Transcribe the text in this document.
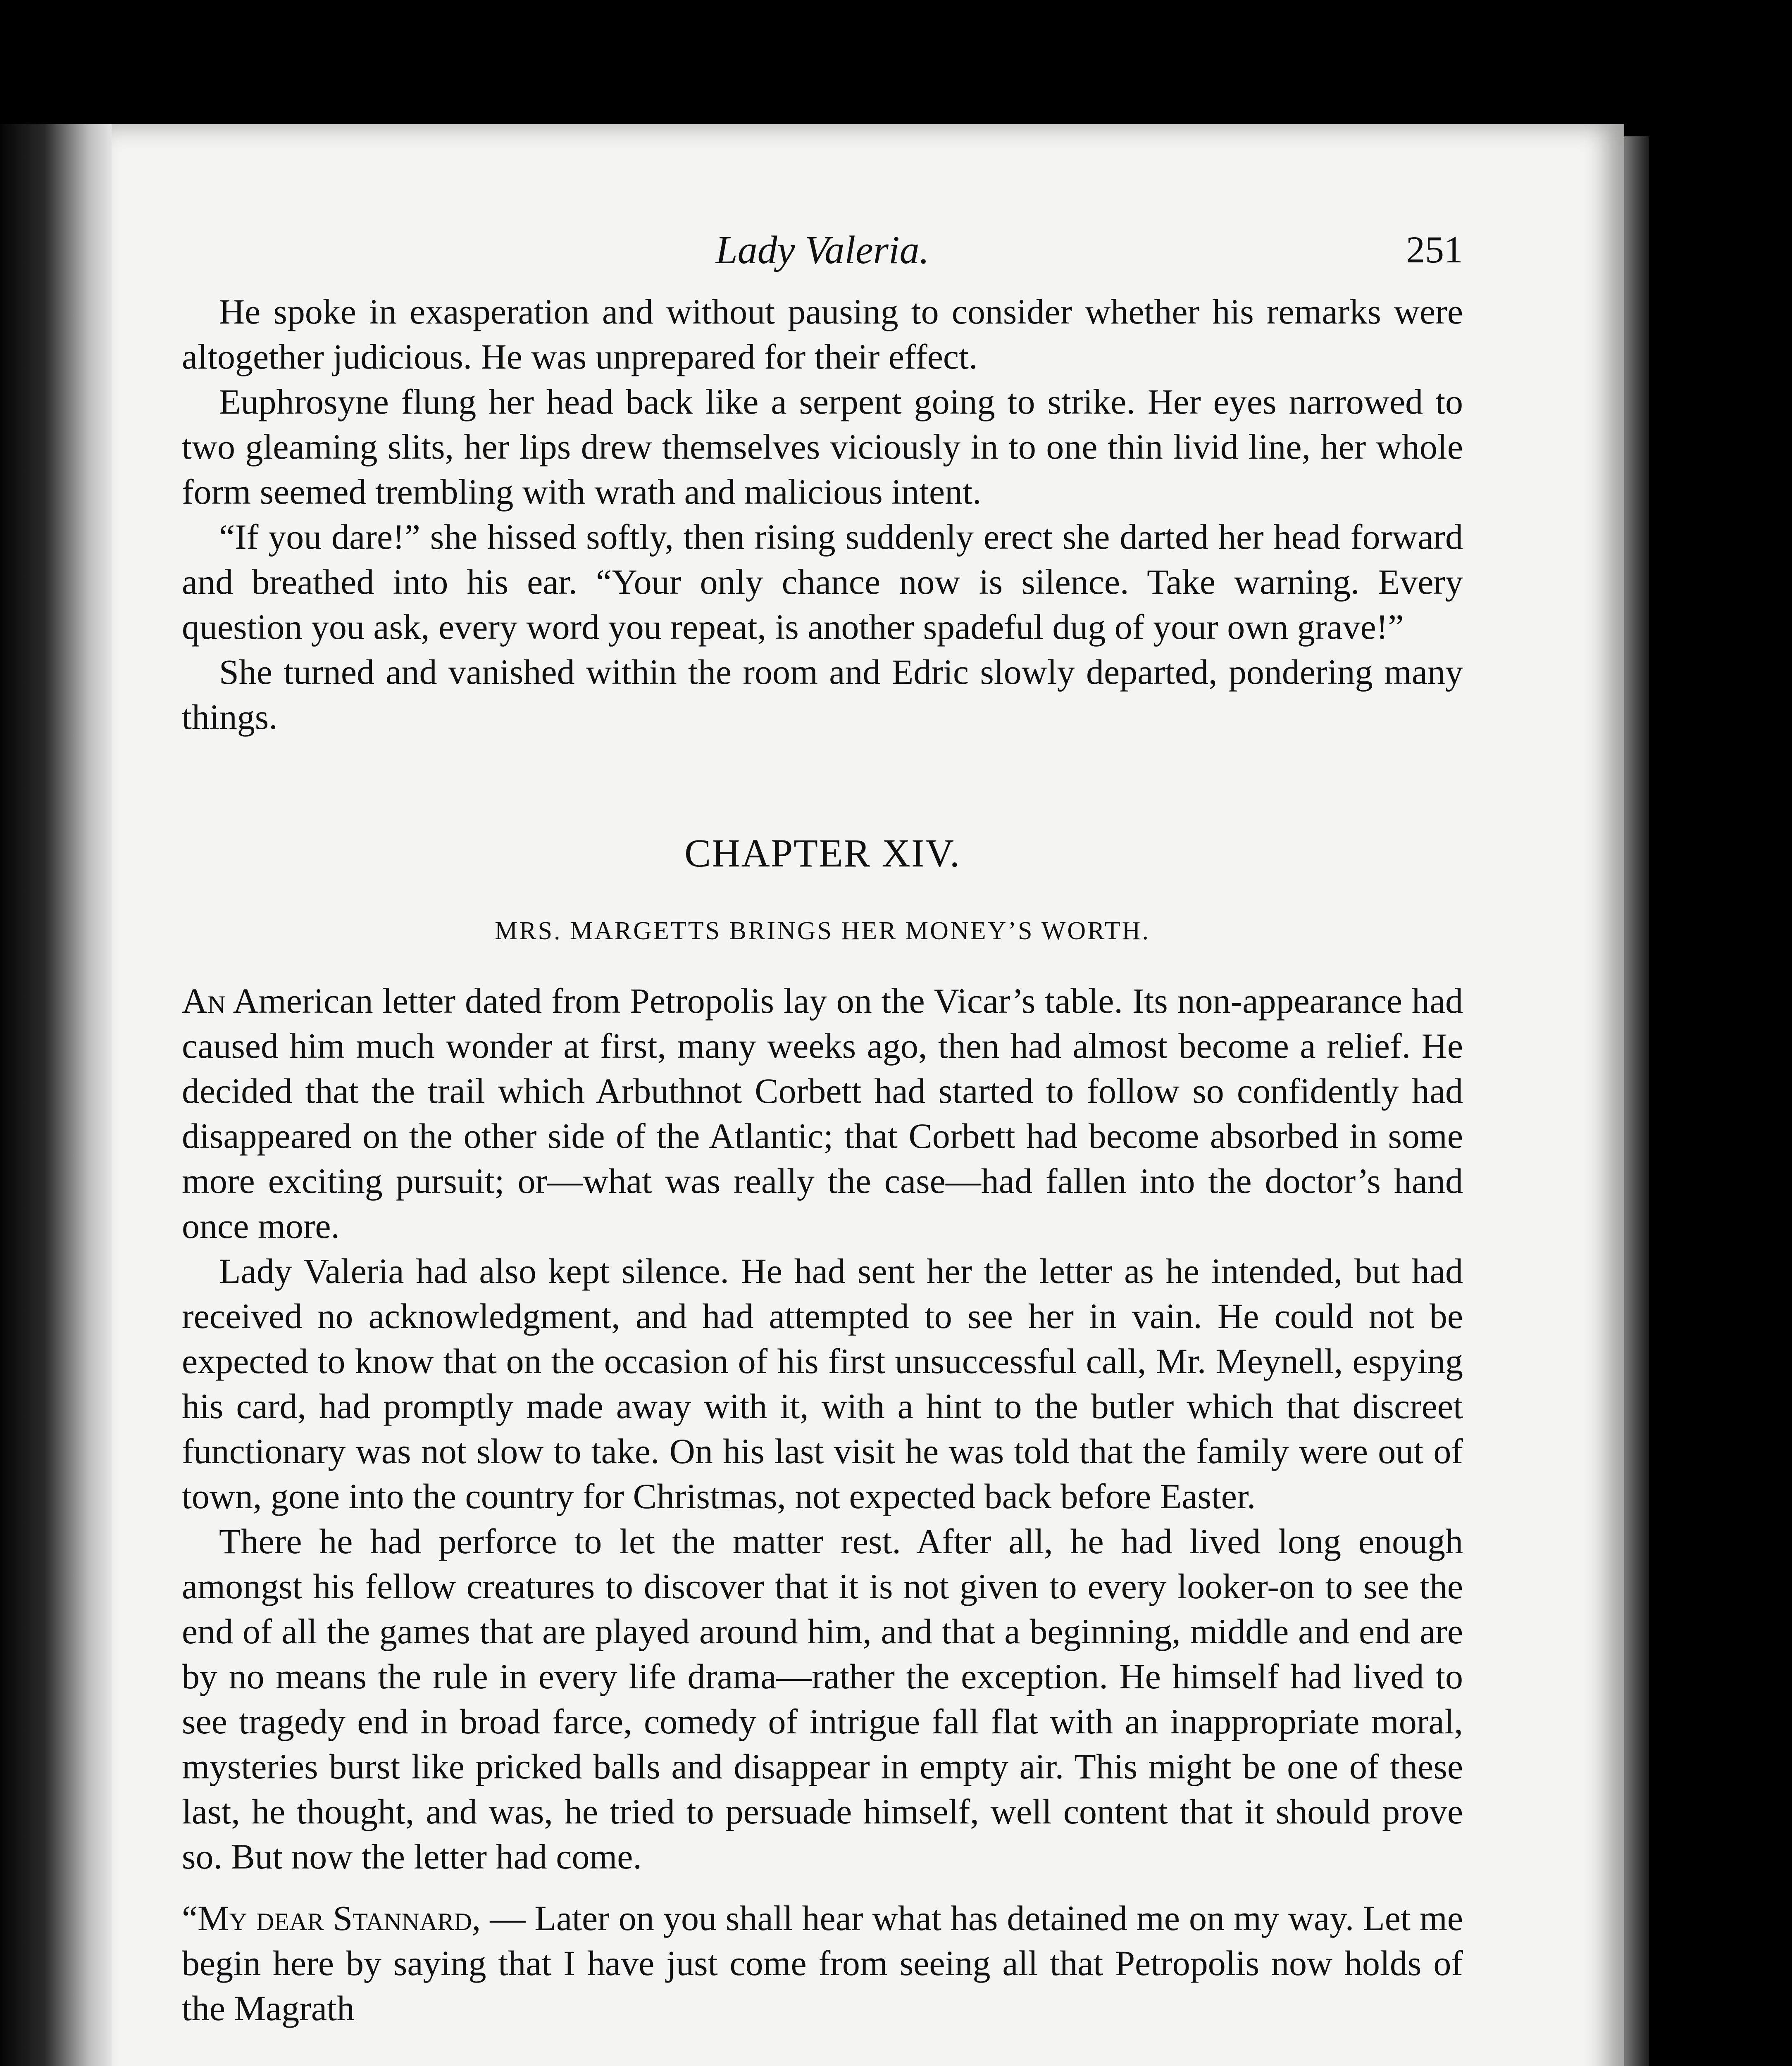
Lady Valeria.	251

He spoke in exasperation and without pausing to consider whether his remarks were altogether judicious. He was unprepared for their effect.

Euphrosyne flung her head back like a serpent going to strike. Her eyes narrowed to two gleaming slits, her lips drew themselves viciously in to one thin livid line, her whole form seemed trembling with wrath and malicious intent.

“If you dare!” she hissed softly, then rising suddenly erect she darted her head forward and breathed into his ear. “Your only chance now is silence. Take warning. Every question you ask, every word you repeat, is another spadeful dug of your own grave!”

She turned and vanished within the room and Edric slowly departed, pondering many things.

CHAPTER XIV.
MRS. MARGETTS BRINGS HER MONEY’S WORTH.

An American letter dated from Petropolis lay on the Vicar’s table. Its non-appearance had caused him much wonder at first, many weeks ago, then had almost become a relief. He decided that the trail which Arbuthnot Corbett had started to follow so confidently had disappeared on the other side of the Atlantic; that Corbett had become absorbed in some more exciting pursuit; or—what was really the case—had fallen into the doctor’s hand once more.

Lady Valeria had also kept silence. He had sent her the letter as he intended, but had received no acknowledgment, and had attempted to see her in vain. He could not be expected to know that on the occasion of his first unsuccessful call, Mr. Meynell, espying his card, had promptly made away with it, with a hint to the butler which that discreet functionary was not slow to take. On his last visit he was told that the family were out of town, gone into the country for Christmas, not expected back before Easter.

There he had perforce to let the matter rest. After all, he had lived long enough amongst his fellow creatures to discover that it is not given to every looker-on to see the end of all the games that are played around him, and that a beginning, middle and end are by no means the rule in every life drama—rather the exception. He himself had lived to see tragedy end in broad farce, comedy of intrigue fall flat with an inappropriate moral, mysteries burst like pricked balls and disappear in empty air. This might be one of these last, he thought, and was, he tried to persuade himself, well content that it should prove so. But now the letter had come.

“My dear Stannard, — Later on you shall hear what has detained me on my way. Let me begin here by saying that I have just come from seeing all that Petropolis now holds of the Magrath
